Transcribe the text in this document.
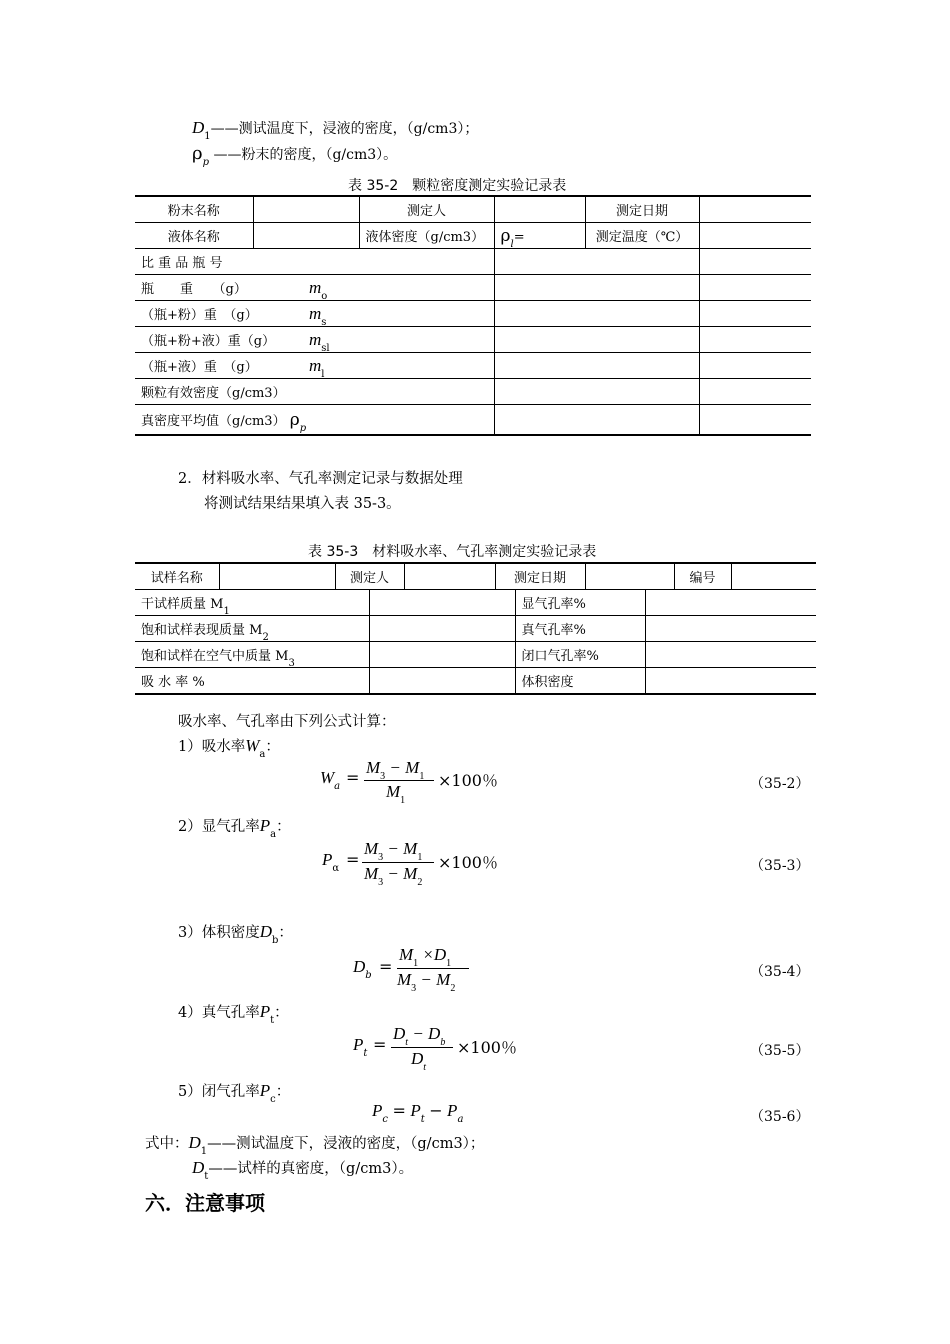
$D_1——$测试温度下，浸液的密度，（g/cm3）；
$\rho_p$ ——粉末的密度，（g/cm3）。
表 35-2　颗粒密度测定实验记录表
粉末名称		测定人		测定日期	
液体名称		液体密度（g/cm3）	$\rho_l=$	测定温度（℃）	
比 重 品 瓶 号					
瓶　　重　　（g） $m_o$		
（瓶+粉）重　（g） $m_s$		
（瓶+粉+液）重（g） $m_{sl}$		
（瓶+液）重　（g） $m_l$		
颗粒有效密度（g/cm3）					
真密度平均值（g/cm3） $\rho_p$		
2．材料吸水率、气孔率测定记录与数据处理
将测试结果结果填入表 35-3。
表 35-3　材料吸水率、气孔率测定实验记录表
试样名称		测定人		测定日期		编号	
干试样质量 $M_1$		显气孔率%	
饱和试样表现质量 $M_2$		真气孔率%	
饱和试样在空气中质量 $M_3$		闭口气孔率%	
吸 水 率 %		体积密度	
吸水率、气孔率由下列公式计算：
1）吸水率$W_a$：
$W_a$ =
$M_3 - M_1$
$M_1$
×100％	（35-2）
2）显气孔率$P_a$：
$P_\alpha$ =
$M_3 - M_1$
$M_3 - M_2$
×100％	（35-3）
3）体积密度$D_b$：
$D_b$ =
$M_1 \times D_1$
$M_3 - M_2$
（35-4）
4）真气孔率$P_t$：
$P_t$ =
$D_t - D_b$
$D_t$
×100％	（35-5）
5）闭气孔率$P_c$：
$P_c = P_t - P_a$	（35-6）
式中：$D_1——$测试温度下，浸液的密度，（g/cm3）；
$D_t——$试样的真密度，（g/cm3）。
六．注意事项
